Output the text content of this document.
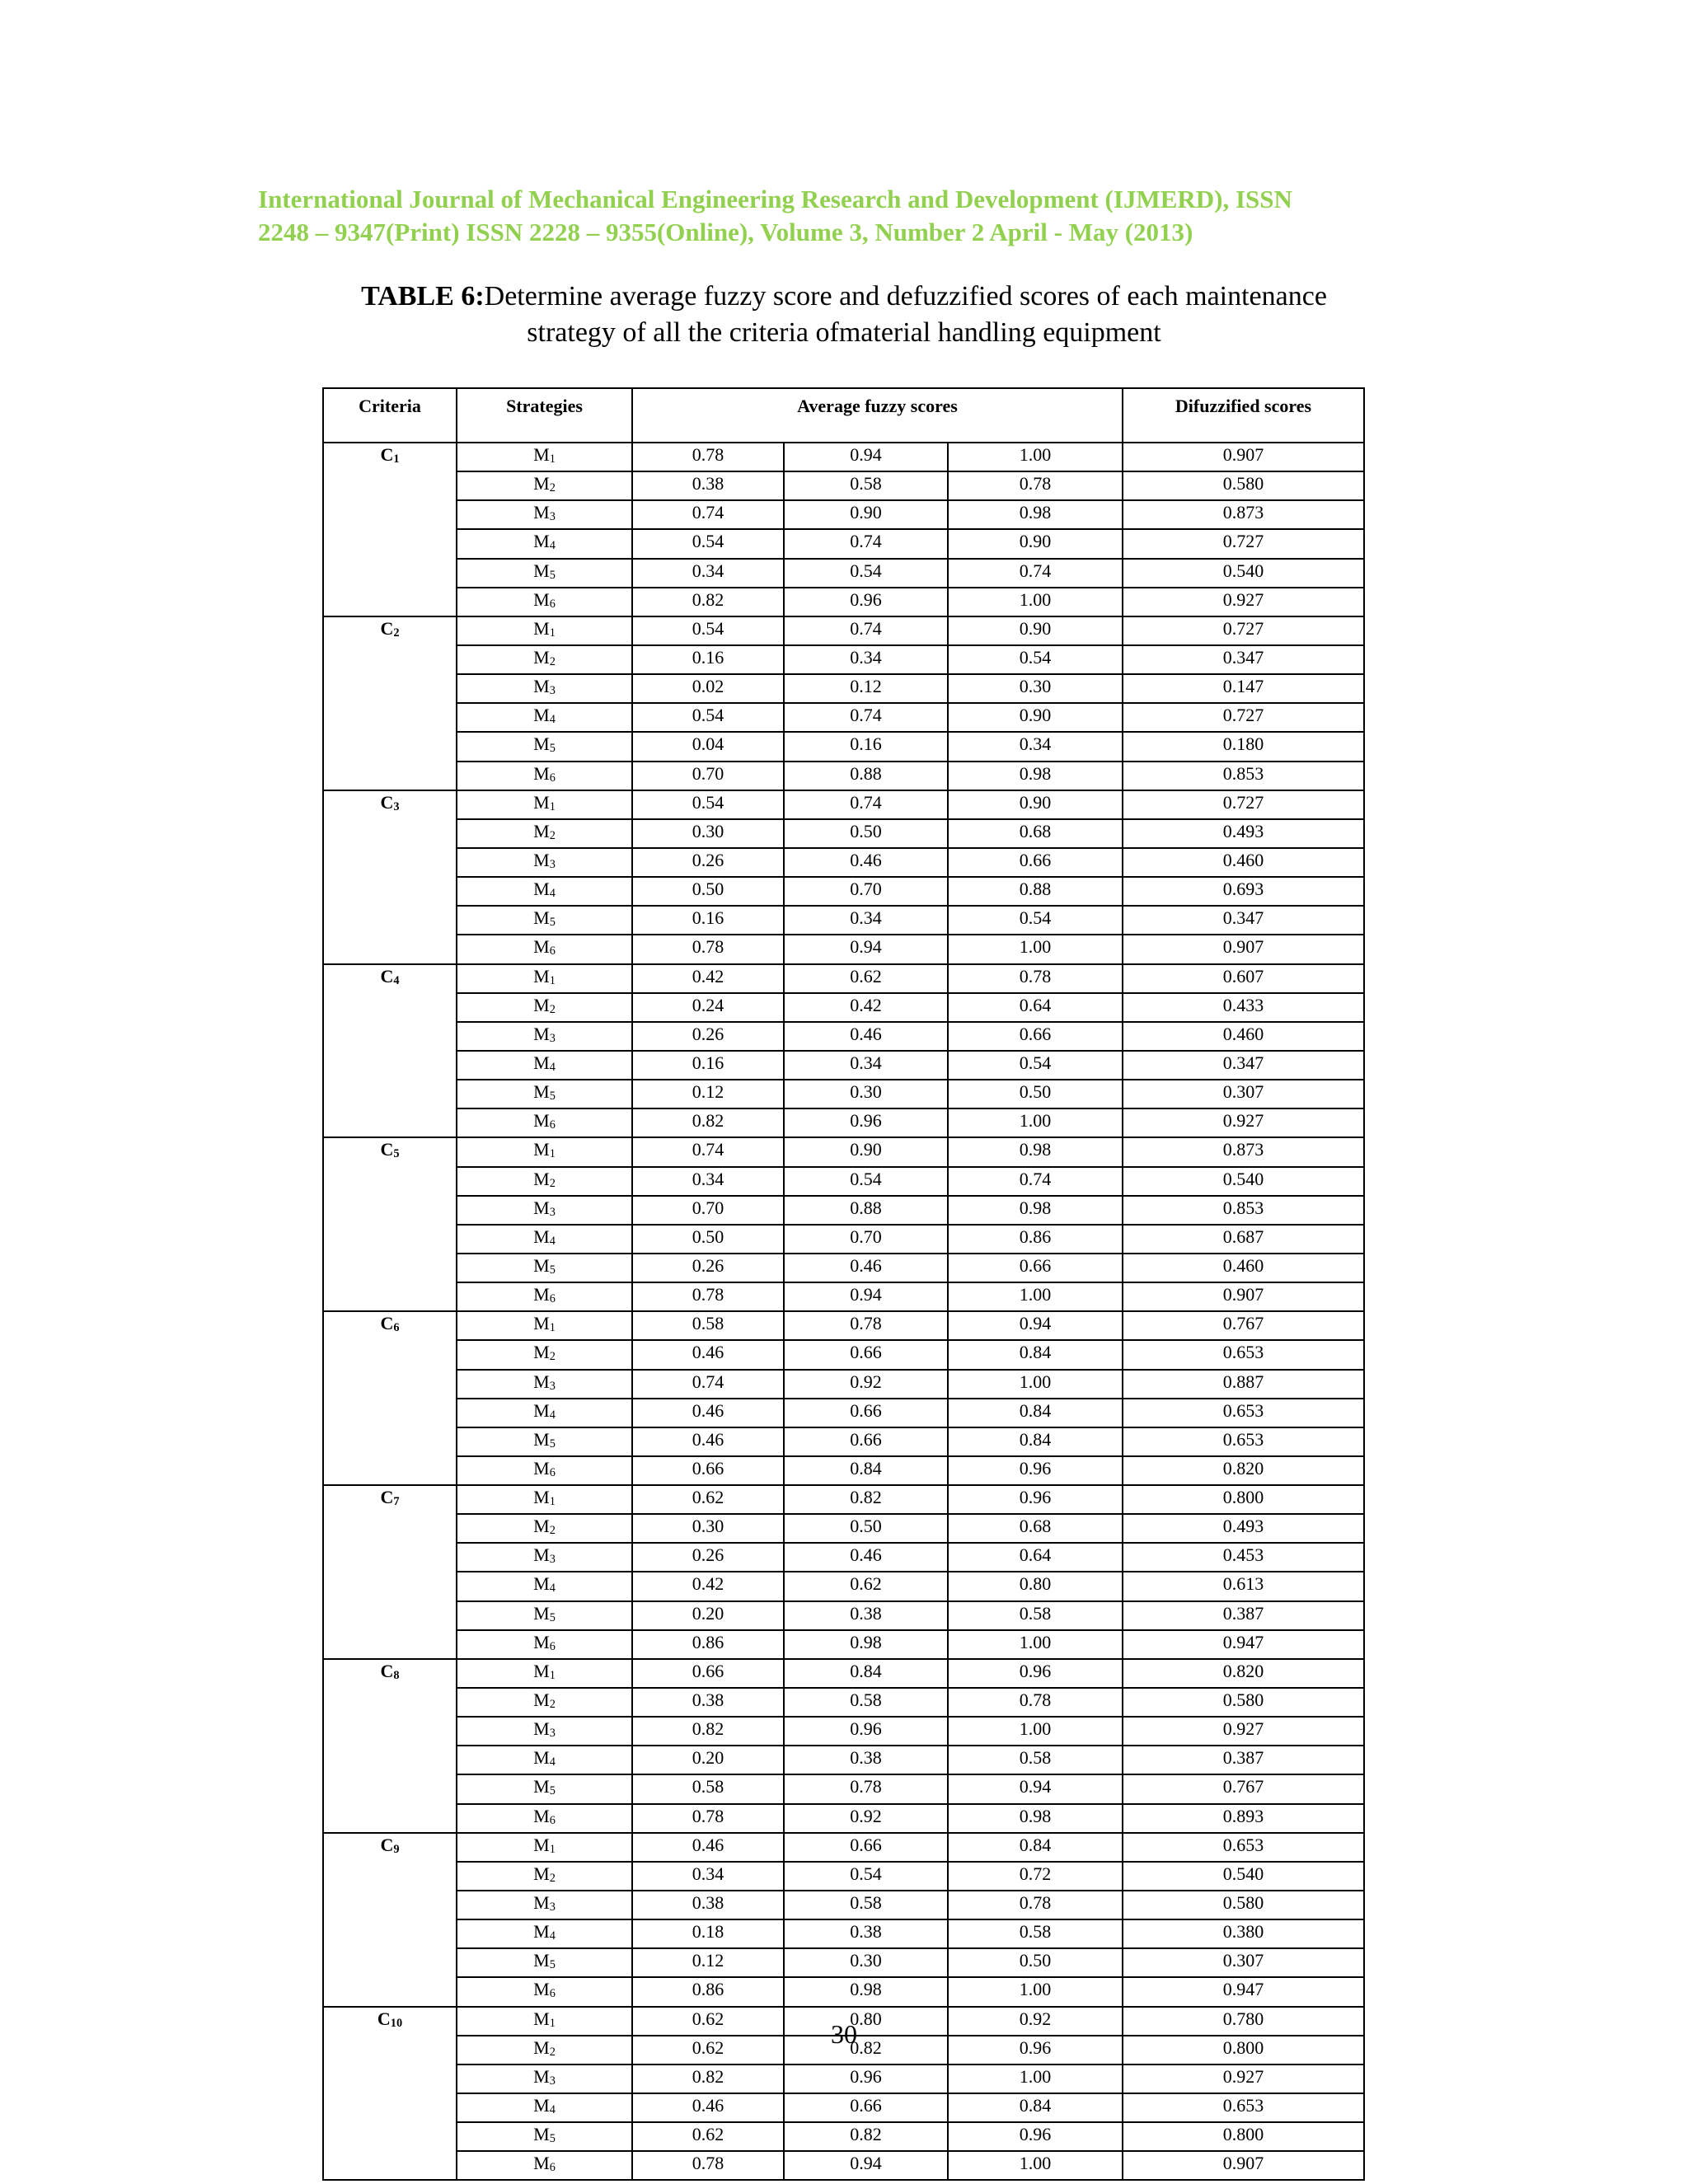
International Journal of Mechanical Engineering Research and Development (IJMERD), ISSN
2248 – 9347(Print) ISSN 2228 – 9355(Online), Volume 3, Number 2 April - May (2013)
TABLE 6:Determine average fuzzy score and defuzzified scores of each maintenance
strategy of all the criteria ofmaterial handling equipment
Criteria	Strategies	Average fuzzy scores			Difuzzified scores
$C_1$	$M_1$	0.78	0.94	1.00	0.907
	$M_2$	0.38	0.58	0.78	0.580
	$M_3$	0.74	0.90	0.98	0.873
	$M_4$	0.54	0.74	0.90	0.727
	$M_5$	0.34	0.54	0.74	0.540
	$M_6$	0.82	0.96	1.00	0.927
$C_2$	$M_1$	0.54	0.74	0.90	0.727
	$M_2$	0.16	0.34	0.54	0.347
	$M_3$	0.02	0.12	0.30	0.147
	$M_4$	0.54	0.74	0.90	0.727
	$M_5$	0.04	0.16	0.34	0.180
	$M_6$	0.70	0.88	0.98	0.853
$C_3$	$M_1$	0.54	0.74	0.90	0.727
	$M_2$	0.30	0.50	0.68	0.493
	$M_3$	0.26	0.46	0.66	0.460
	$M_4$	0.50	0.70	0.88	0.693
	$M_5$	0.16	0.34	0.54	0.347
	$M_6$	0.78	0.94	1.00	0.907
$C_4$	$M_1$	0.42	0.62	0.78	0.607
	$M_2$	0.24	0.42	0.64	0.433
	$M_3$	0.26	0.46	0.66	0.460
	$M_4$	0.16	0.34	0.54	0.347
	$M_5$	0.12	0.30	0.50	0.307
	$M_6$	0.82	0.96	1.00	0.927
$C_5$	$M_1$	0.74	0.90	0.98	0.873
	$M_2$	0.34	0.54	0.74	0.540
	$M_3$	0.70	0.88	0.98	0.853
	$M_4$	0.50	0.70	0.86	0.687
	$M_5$	0.26	0.46	0.66	0.460
	$M_6$	0.78	0.94	1.00	0.907
$C_6$	$M_1$	0.58	0.78	0.94	0.767
	$M_2$	0.46	0.66	0.84	0.653
	$M_3$	0.74	0.92	1.00	0.887
	$M_4$	0.46	0.66	0.84	0.653
	$M_5$	0.46	0.66	0.84	0.653
	$M_6$	0.66	0.84	0.96	0.820
$C_7$	$M_1$	0.62	0.82	0.96	0.800
	$M_2$	0.30	0.50	0.68	0.493
	$M_3$	0.26	0.46	0.64	0.453
	$M_4$	0.42	0.62	0.80	0.613
	$M_5$	0.20	0.38	0.58	0.387
	$M_6$	0.86	0.98	1.00	0.947
$C_8$	$M_1$	0.66	0.84	0.96	0.820
	$M_2$	0.38	0.58	0.78	0.580
	$M_3$	0.82	0.96	1.00	0.927
	$M_4$	0.20	0.38	0.58	0.387
	$M_5$	0.58	0.78	0.94	0.767
	$M_6$	0.78	0.92	0.98	0.893
$C_9$	$M_1$	0.46	0.66	0.84	0.653
	$M_2$	0.34	0.54	0.72	0.540
	$M_3$	0.38	0.58	0.78	0.580
	$M_4$	0.18	0.38	0.58	0.380
	$M_5$	0.12	0.30	0.50	0.307
	$M_6$	0.86	0.98	1.00	0.947
$C_{10}$	$M_1$	0.62	0.80	0.92	0.780
	$M_2$	0.62	0.82	0.96	0.800
	$M_3$	0.82	0.96	1.00	0.927
	$M_4$	0.46	0.66	0.84	0.653
	$M_5$	0.62	0.82	0.96	0.800
	$M_6$	0.78	0.94	1.00	0.907
30
